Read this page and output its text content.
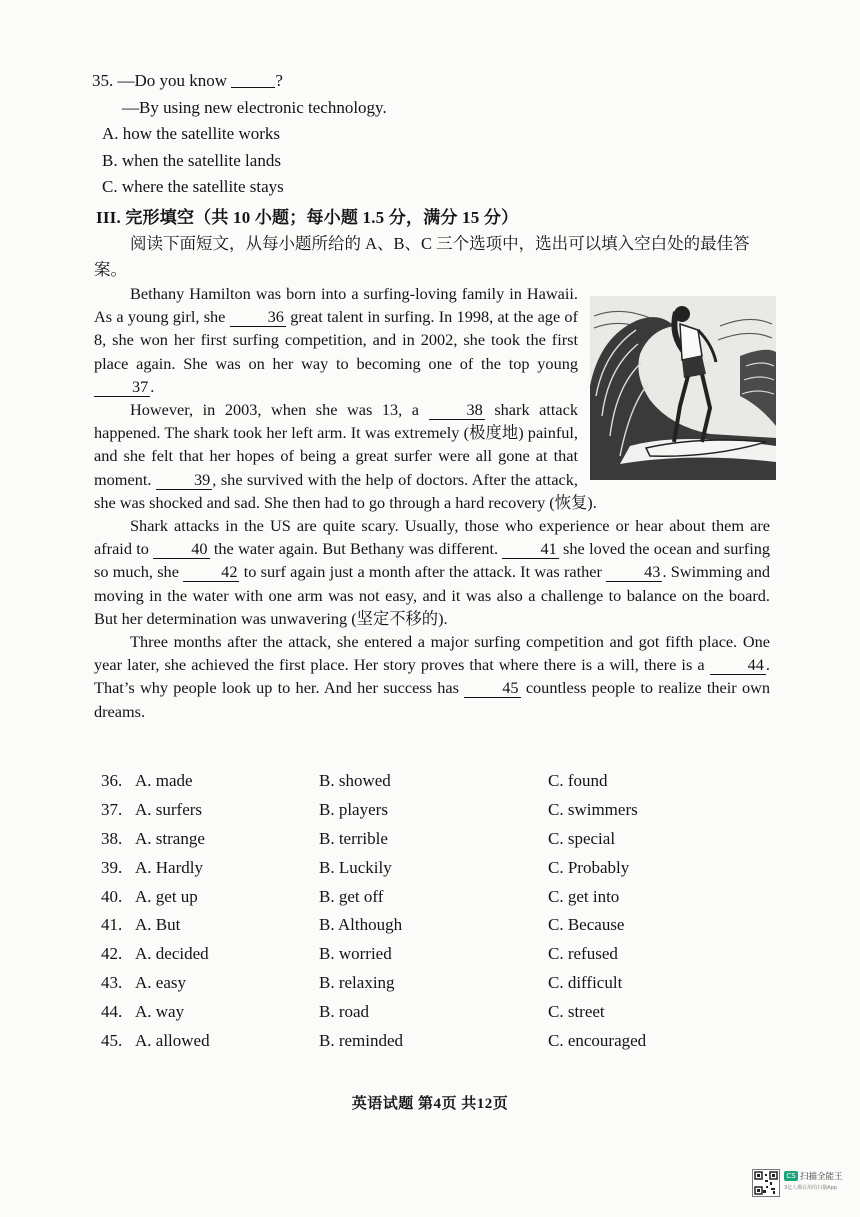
35. —Do you know	?
—By using new electronic technology.
A. how the satellite works
B. when the satellite lands
C. where the satellite stays
III. 完形填空（共 10 小题；每小题 1.5 分，满分 15 分）
阅读下面短文，从每小题所给的 A、B、C 三个选项中，选出可以填入空白处的最佳答案。

Bethany Hamilton was born into a surfing-loving family in Hawaii. As a young girl, she	36 great talent in surfing. In 1998, at the age of 8, she won her first surfing competition, and in 2002, she took the first place again. She was on her way to becoming one of the top young 37 .

However, in 2003, when she was 13, a	38 shark attack happened. The shark took her left arm. It was extremely (极度地) painful, and she felt that her hopes of being a great surfer were all gone at that moment.	39 , she survived with the help of doctors. After the attack, she was shocked and sad. She then had to go through a hard recovery (恢复).

Shark attacks in the US are quite scary. Usually, those who experience or hear about them are afraid to	40 the water again. But Bethany was different.	41 she loved the ocean and surfing so much, she	42 to surf again just a month after the attack. It was rather	43 . Swimming and moving in the water with one arm was not easy, and it was also a challenge to balance on the board. But her determination was unwavering (坚定不移的).

Three months after the attack, she entered a major surfing competition and got fifth place. One year later, she achieved the first place. Her story proves that where there is a will, there is a	44 . That’s why people look up to her. And her success has	45 countless people to realize their own dreams.

36. A. made	B. showed	C. found
37. A. surfers	B. players	C. swimmers
38. A. strange	B. terrible	C. special
39. A. Hardly	B. Luckily	C. Probably
40. A. get up	B. get off	C. get into
41. A. But	B. Although	C. Because
42. A. decided	B. worried	C. refused
43. A. easy	B. relaxing	C. difficult
44. A. way	B. road	C. street
45. A. allowed	B. reminded	C. encouraged
英语试题 第4页 共12页
CS 扫描全能王
3亿人都在用的扫描App
